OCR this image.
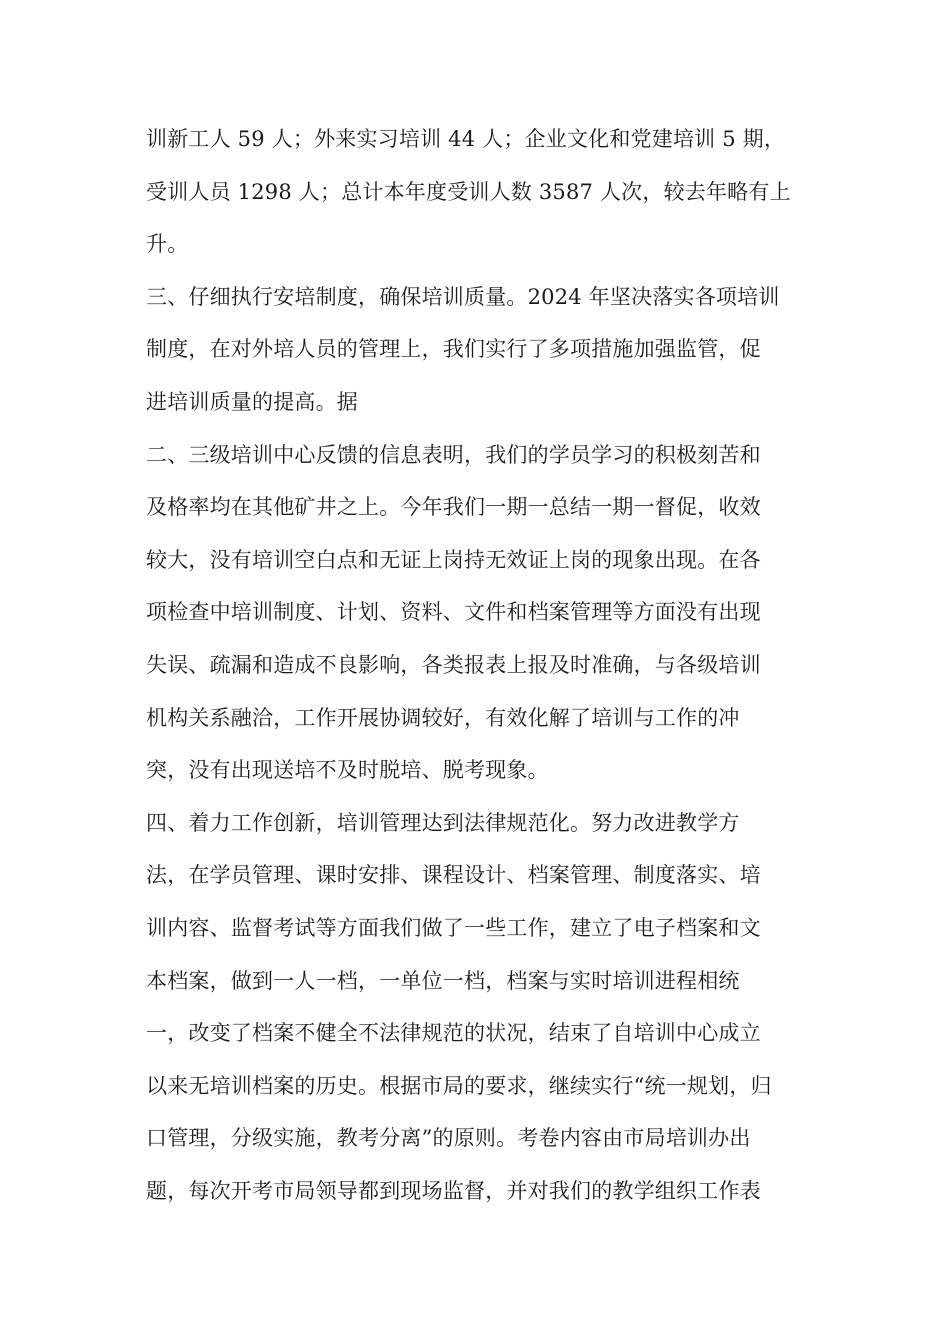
训新工人 59 人；外来实习培训 44 人；企业文化和党建培训 5 期，
受训人员 1298 人；总计本年度受训人数 3587 人次，较去年略有上
升。
三、仔细执行安培制度，确保培训质量。2024 年坚决落实各项培训
制度，在对外培人员的管理上，我们实行了多项措施加强监管，促
进培训质量的提高。据
二、三级培训中心反馈的信息表明，我们的学员学习的积极刻苦和
及格率均在其他矿井之上。今年我们一期一总结一期一督促，收效
较大，没有培训空白点和无证上岗持无效证上岗的现象出现。在各
项检查中培训制度、计划、资料、文件和档案管理等方面没有出现
失误、疏漏和造成不良影响，各类报表上报及时准确，与各级培训
机构关系融洽，工作开展协调较好，有效化解了培训与工作的冲
突，没有出现送培不及时脱培、脱考现象。
四、着力工作创新，培训管理达到法律规范化。努力改进教学方
法，在学员管理、课时安排、课程设计、档案管理、制度落实、培
训内容、监督考试等方面我们做了一些工作，建立了电子档案和文
本档案，做到一人一档，一单位一档，档案与实时培训进程相统
一，改变了档案不健全不法律规范的状况，结束了自培训中心成立
以来无培训档案的历史。根据市局的要求，继续实行“统一规划，归
口管理，分级实施，教考分离”的原则。考卷内容由市局培训办出
题，每次开考市局领导都到现场监督，并对我们的教学组织工作表
